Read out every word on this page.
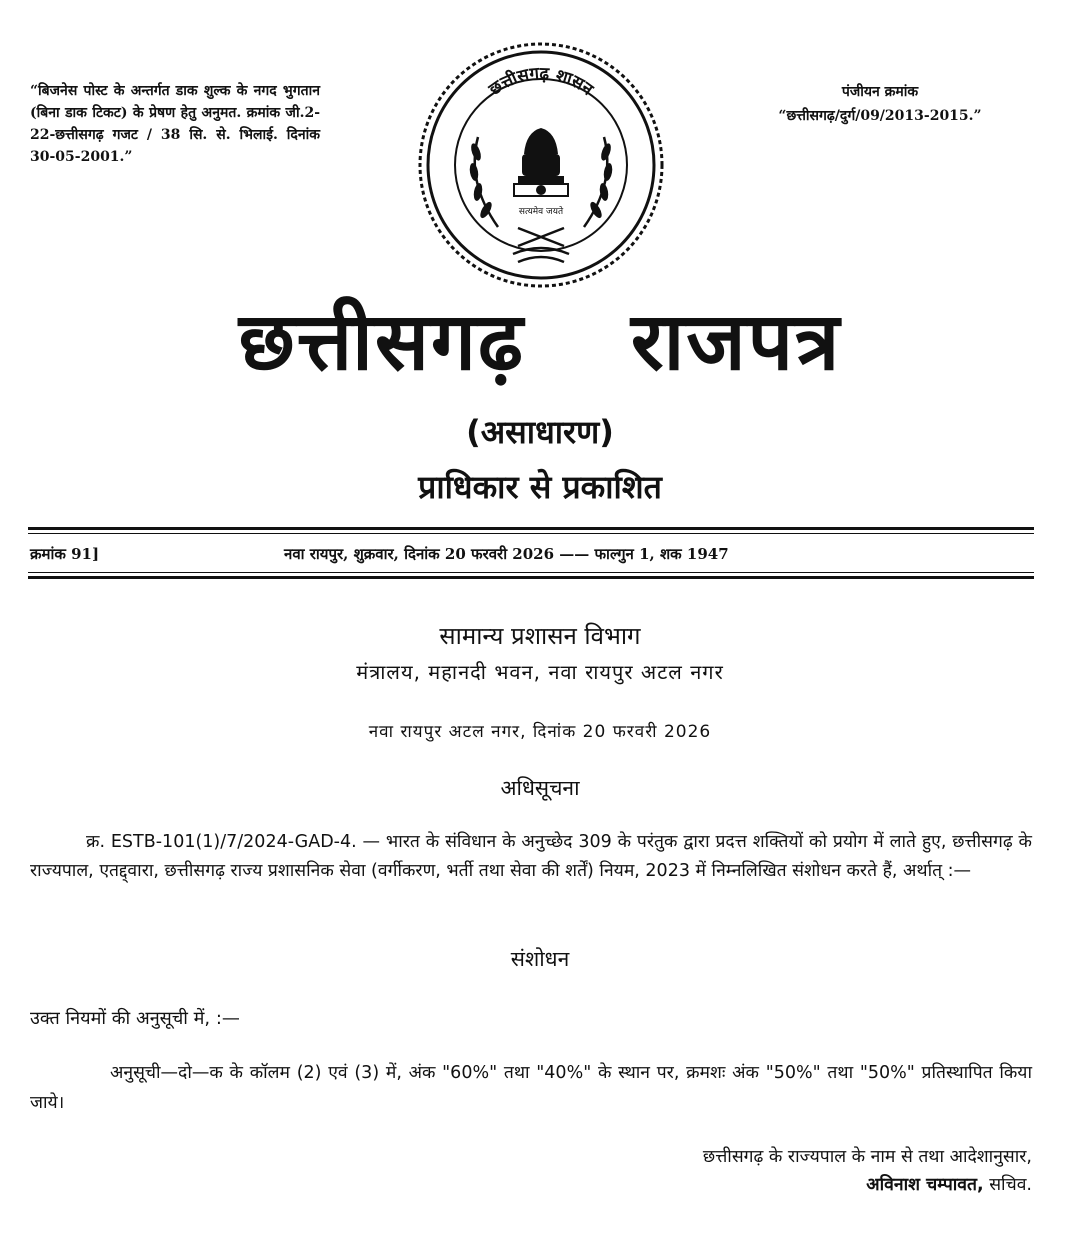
“बिजनेस पोस्ट के अन्तर्गत डाक शुल्क के नगद भुगतान (बिना डाक टिकट) के प्रेषण हेतु अनुमत. क्रमांक जी.2-22-छत्तीसगढ़ गजट / 38 सि. से. भिलाई. दिनांक 30-05-2001.”
पंजीयन क्रमांक
“छत्तीसगढ़/दुर्ग/09/2013-2015.”
छत्तीसगढ़ शासन
सत्यमेव जयते
छत्तीसगढ़ राजपत्र
(असाधारण)
प्राधिकार से प्रकाशित
क्रमांक 91]	नवा रायपुर, शुक्रवार, दिनांक 20 फरवरी 2026 —— फाल्गुन 1, शक 1947
सामान्य प्रशासन विभाग
मंत्रालय, महानदी भवन, नवा रायपुर अटल नगर
नवा रायपुर अटल नगर, दिनांक 20 फरवरी 2026
अधिसूचना
क्र. ESTB-101(1)/7/2024-GAD-4. — भारत के संविधान के अनुच्छेद 309 के परंतुक द्वारा प्रदत्त शक्तियों को प्रयोग में लाते हुए, छत्तीसगढ़ के राज्यपाल, एतद्द्वारा, छत्तीसगढ़ राज्य प्रशासनिक सेवा (वर्गीकरण, भर्ती तथा सेवा की शर्तें) नियम, 2023 में निम्नलिखित संशोधन करते हैं, अर्थात् :—
संशोधन
उक्त नियमों की अनुसूची में, :—
अनुसूची—दो—क के कॉलम (2) एवं (3) में, अंक "60%" तथा "40%" के स्थान पर, क्रमशः अंक "50%" तथा "50%" प्रतिस्थापित किया जाये।
छत्तीसगढ़ के राज्यपाल के नाम से तथा आदेशानुसार,
अविनाश चम्पावत, सचिव.
